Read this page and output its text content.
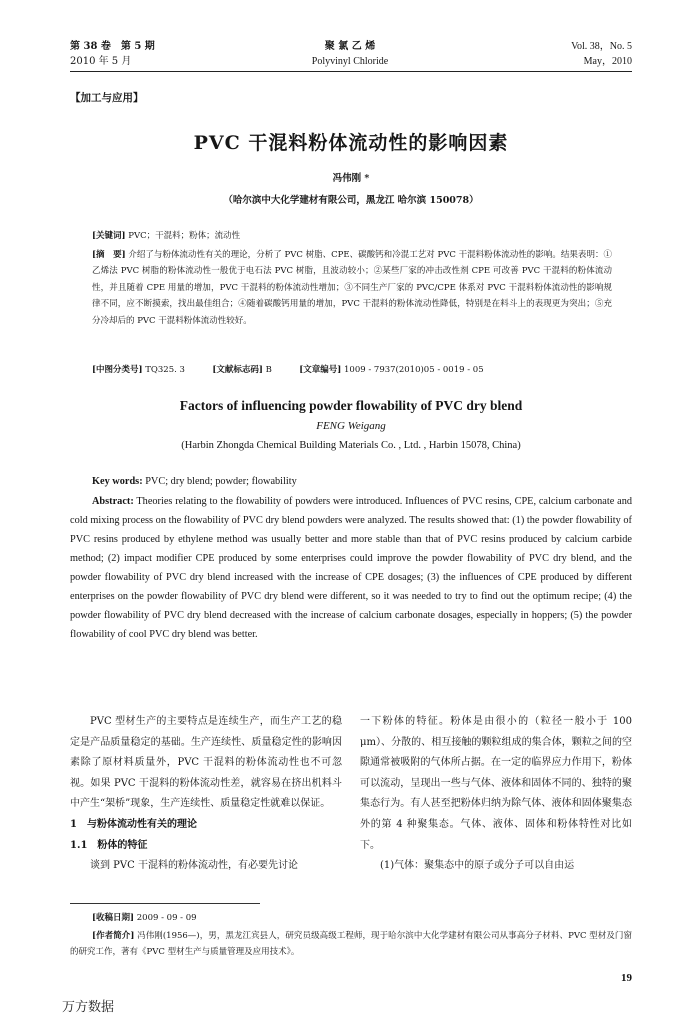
第 38 卷　第 5 期
2010 年 5 月
聚 氯 乙 烯
Polyvinyl Chloride
Vol. 38，No. 5
May，2010
【加工与应用】
PVC 干混料粉体流动性的影响因素
冯伟刚 *
（哈尔滨中大化学建材有限公司，黑龙江 哈尔滨 150078）
[关键词] PVC；干混料；粉体；流动性
[摘　要] 介绍了与粉体流动性有关的理论，分析了 PVC 树脂、CPE、碳酸钙和冷混工艺对 PVC 干混料粉体流动性的影响。结果表明：①乙烯法 PVC 树脂的粉体流动性一般优于电石法 PVC 树脂，且波动较小；②某些厂家的冲击改性剂 CPE 可改善 PVC 干混料的粉体流动性，并且随着 CPE 用量的增加，PVC 干混料的粉体流动性增加；③不同生产厂家的 PVC/CPE 体系对 PVC 干混料粉体流动性的影响规律不同，应不断摸索，找出最佳组合；④随着碳酸钙用量的增加，PVC 干混料的粉体流动性降低，特别是在料斗上的表现更为突出；⑤充分冷却后的 PVC 干混料粉体流动性较好。
[中图分类号] TQ325. 3	[文献标志码] B	[文章编号] 1009 - 7937(2010)05 - 0019 - 05
Factors of influencing powder flowability of PVC dry blend
FENG Weigang
(Harbin Zhongda Chemical Building Materials Co. , Ltd. , Harbin 15078, China)
Key words: PVC; dry blend; powder; flowability
Abstract: Theories relating to the flowability of powders were introduced. Influences of PVC resins, CPE, calcium carbonate and cold mixing process on the flowability of PVC dry blend powders were analyzed. The results showed that: (1) the powder flowability of PVC resins produced by ethylene method was usually better and more stable than that of PVC resins produced by calcium carbide method; (2) impact modifier CPE produced by some enterprises could improve the powder flowability of PVC dry blend, and the powder flowability of PVC dry blend increased with the increase of CPE dosages; (3) the influences of CPE produced by different enterprises on the powder flowability of PVC dry blend were different, so it was needed to try to find out the optimum recipe; (4) the powder flowability of PVC dry blend decreased with the increase of calcium carbonate dosages, especially in hoppers; (5) the powder flowability of cool PVC dry blend was better.

PVC 型材生产的主要特点是连续生产，而生产工艺的稳定是产品质量稳定的基础。生产连续性、质量稳定性的影响因素除了原材料质量外，PVC 干混料的粉体流动性也不可忽视。如果 PVC 干混料的粉体流动性差，就容易在挤出机料斗中产生“架桥”现象，生产连续性、质量稳定性就难以保证。

1　与粉体流动性有关的理论

1.1　粉体的特征

谈到 PVC 干混料的粉体流动性，有必要先讨论

一下粉体的特征。粉体是由很小的（粒径一般小于 100 μm）、分散的、相互接触的颗粒组成的集合体，颗粒之间的空隙通常被吸附的气体所占据。在一定的临界应力作用下，粉体可以流动，呈现出一些与气体、液体和固体不同的、独特的聚集态行为。有人甚至把粉体归纳为除气体、液体和固体聚集态外的第 4 种聚集态。气体、液体、固体和粉体特性对比如下。

(1)气体：聚集态中的原子或分子可以自由运

[收稿日期] 2009 - 09 - 09
[作者简介] 冯伟刚(1956—)，男，黑龙江宾县人，研究员级高级工程师，现于哈尔滨中大化学建材有限公司从事高分子材料、PVC 型材及门窗的研究工作，著有《PVC 型材生产与质量管理及应用技术》。
19
万方数据
